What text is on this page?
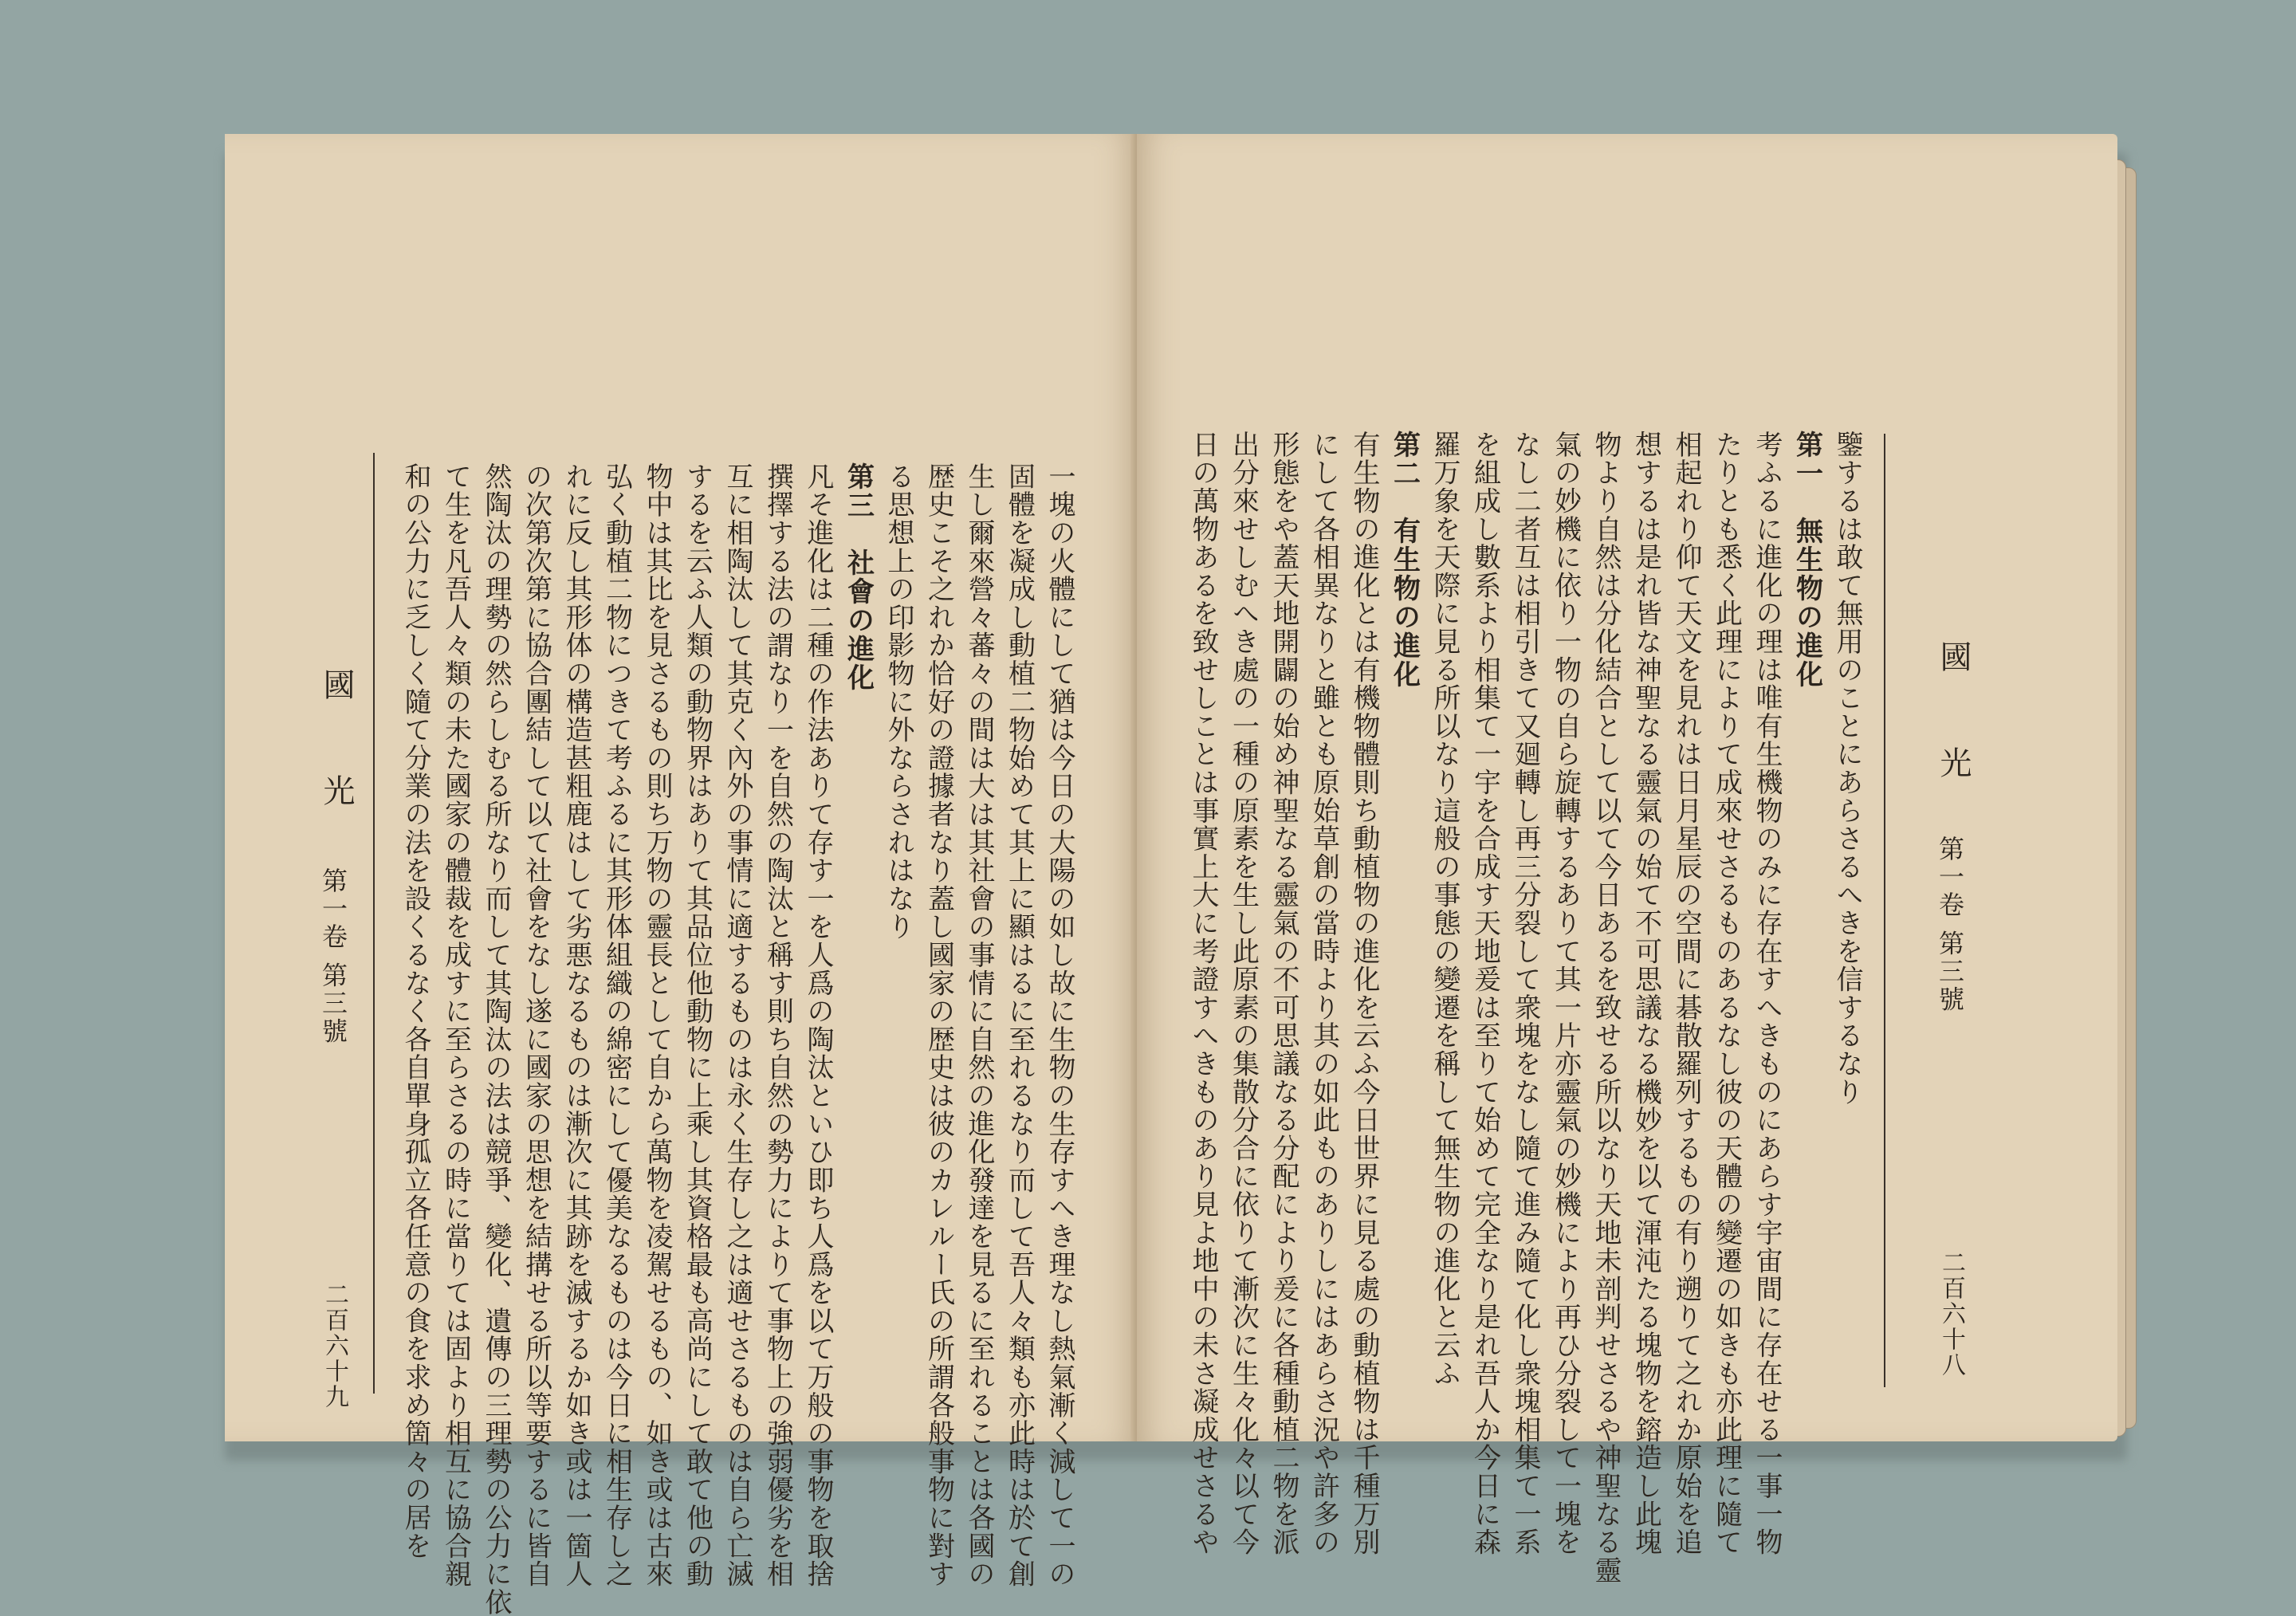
國 光
第一卷 第三號
二百六十九	一塊の火體にして猶は今日の大陽の如し故に生物の生存すへき理なし熱氣漸く減して一の
固體を凝成し動植二物始めて其上に顯はるに至れるなり而して吾人々類も亦此時は於て創
生し爾來營々蕃々の間は大は其社會の事情に自然の進化發達を見るに至れることは各國の
歴史こそ之れか恰好の證據者なり蓋し國家の歴史は彼のカレルー氏の所謂各般事物に對す
る思想上の印影物に外ならされはなり
第三　社會の進化
凡そ進化は二種の作法ありて存す一を人爲の陶汰といひ即ち人爲を以て万般の事物を取捨
撰擇する法の謂なり一を自然の陶汰と稱す則ち自然の勢力によりて事物上の強弱優劣を相
互に相陶汰して其克く內外の事情に適するものは永く生存し之は適せさるものは自ら亡滅
するを云ふ人類の動物界はありて其品位他動物に上乘し其資格最も高尚にして敢て他の動
物中は其比を見さるもの則ち万物の靈長として自から萬物を凌駕せるもの、如き或は古來
弘く動植二物につきて考ふるに其形体組織の綿密にして優美なるものは今日に相生存し之
れに反し其形体の構造甚粗鹿はして劣悪なるものは漸次に其跡を滅するか如き或は一箇人
の次第次第に協合團結して以て社會をなし遂に國家の思想を結搆せる所以等要するに皆自
然陶汰の理勢の然らしむる所なり而して其陶汰の法は競爭、變化、遺傳の三理勢の公力に依
て生を凡吾人々類の未た國家の體裁を成すに至らさるの時に當りては固より相互に協合親
和の公力に乏しく隨て分業の法を設くるなく各自單身孤立各任意の食を求め箇々の居を	國 光
第一卷 第三號
二百六十八
鑒するは敢て無用のことにあらさるへきを信するなり
第一　無生物の進化
考ふるに進化の理は唯有生機物のみに存在すへきものにあらす宇宙間に存在せる一事一物
たりとも悉く此理によりて成來せさるものあるなし彼の天體の變遷の如きも亦此理に隨て
相起れり仰て天文を見れは日月星辰の空間に碁散羅列するもの有り遡りて之れか原始を追
想するは是れ皆な神聖なる靈氣の始て不可思議なる機妙を以て渾沌たる塊物を鎔造し此塊
物より自然は分化結合として以て今日あるを致せる所以なり天地未剖判せさるや神聖なる靈
氣の妙機に依り一物の自ら旋轉するありて其一片亦靈氣の妙機により再ひ分裂して一塊を
なし二者互は相引きて又廻轉し再三分裂して衆塊をなし隨て進み隨て化し衆塊相集て一系
を組成し數系より相集て一宇を合成す天地爰は至りて始めて完全なり是れ吾人か今日に森
羅万象を天際に見る所以なり這般の事態の變遷を稱して無生物の進化と云ふ
第二　有生物の進化
有生物の進化とは有機物體則ち動植物の進化を云ふ今日世界に見る處の動植物は千種万別
にして各相異なりと雖とも原始草創の當時より其の如此ものありしにはあらさ況や許多の
形態をや蓋天地開闢の始め神聖なる靈氣の不可思議なる分配により爰に各種動植二物を派
出分來せしむへき處の一種の原素を生し此原素の集散分合に依りて漸次に生々化々以て今
日の萬物あるを致せしことは事實上大に考證すへきものあり見よ地中の未さ凝成せさるや
